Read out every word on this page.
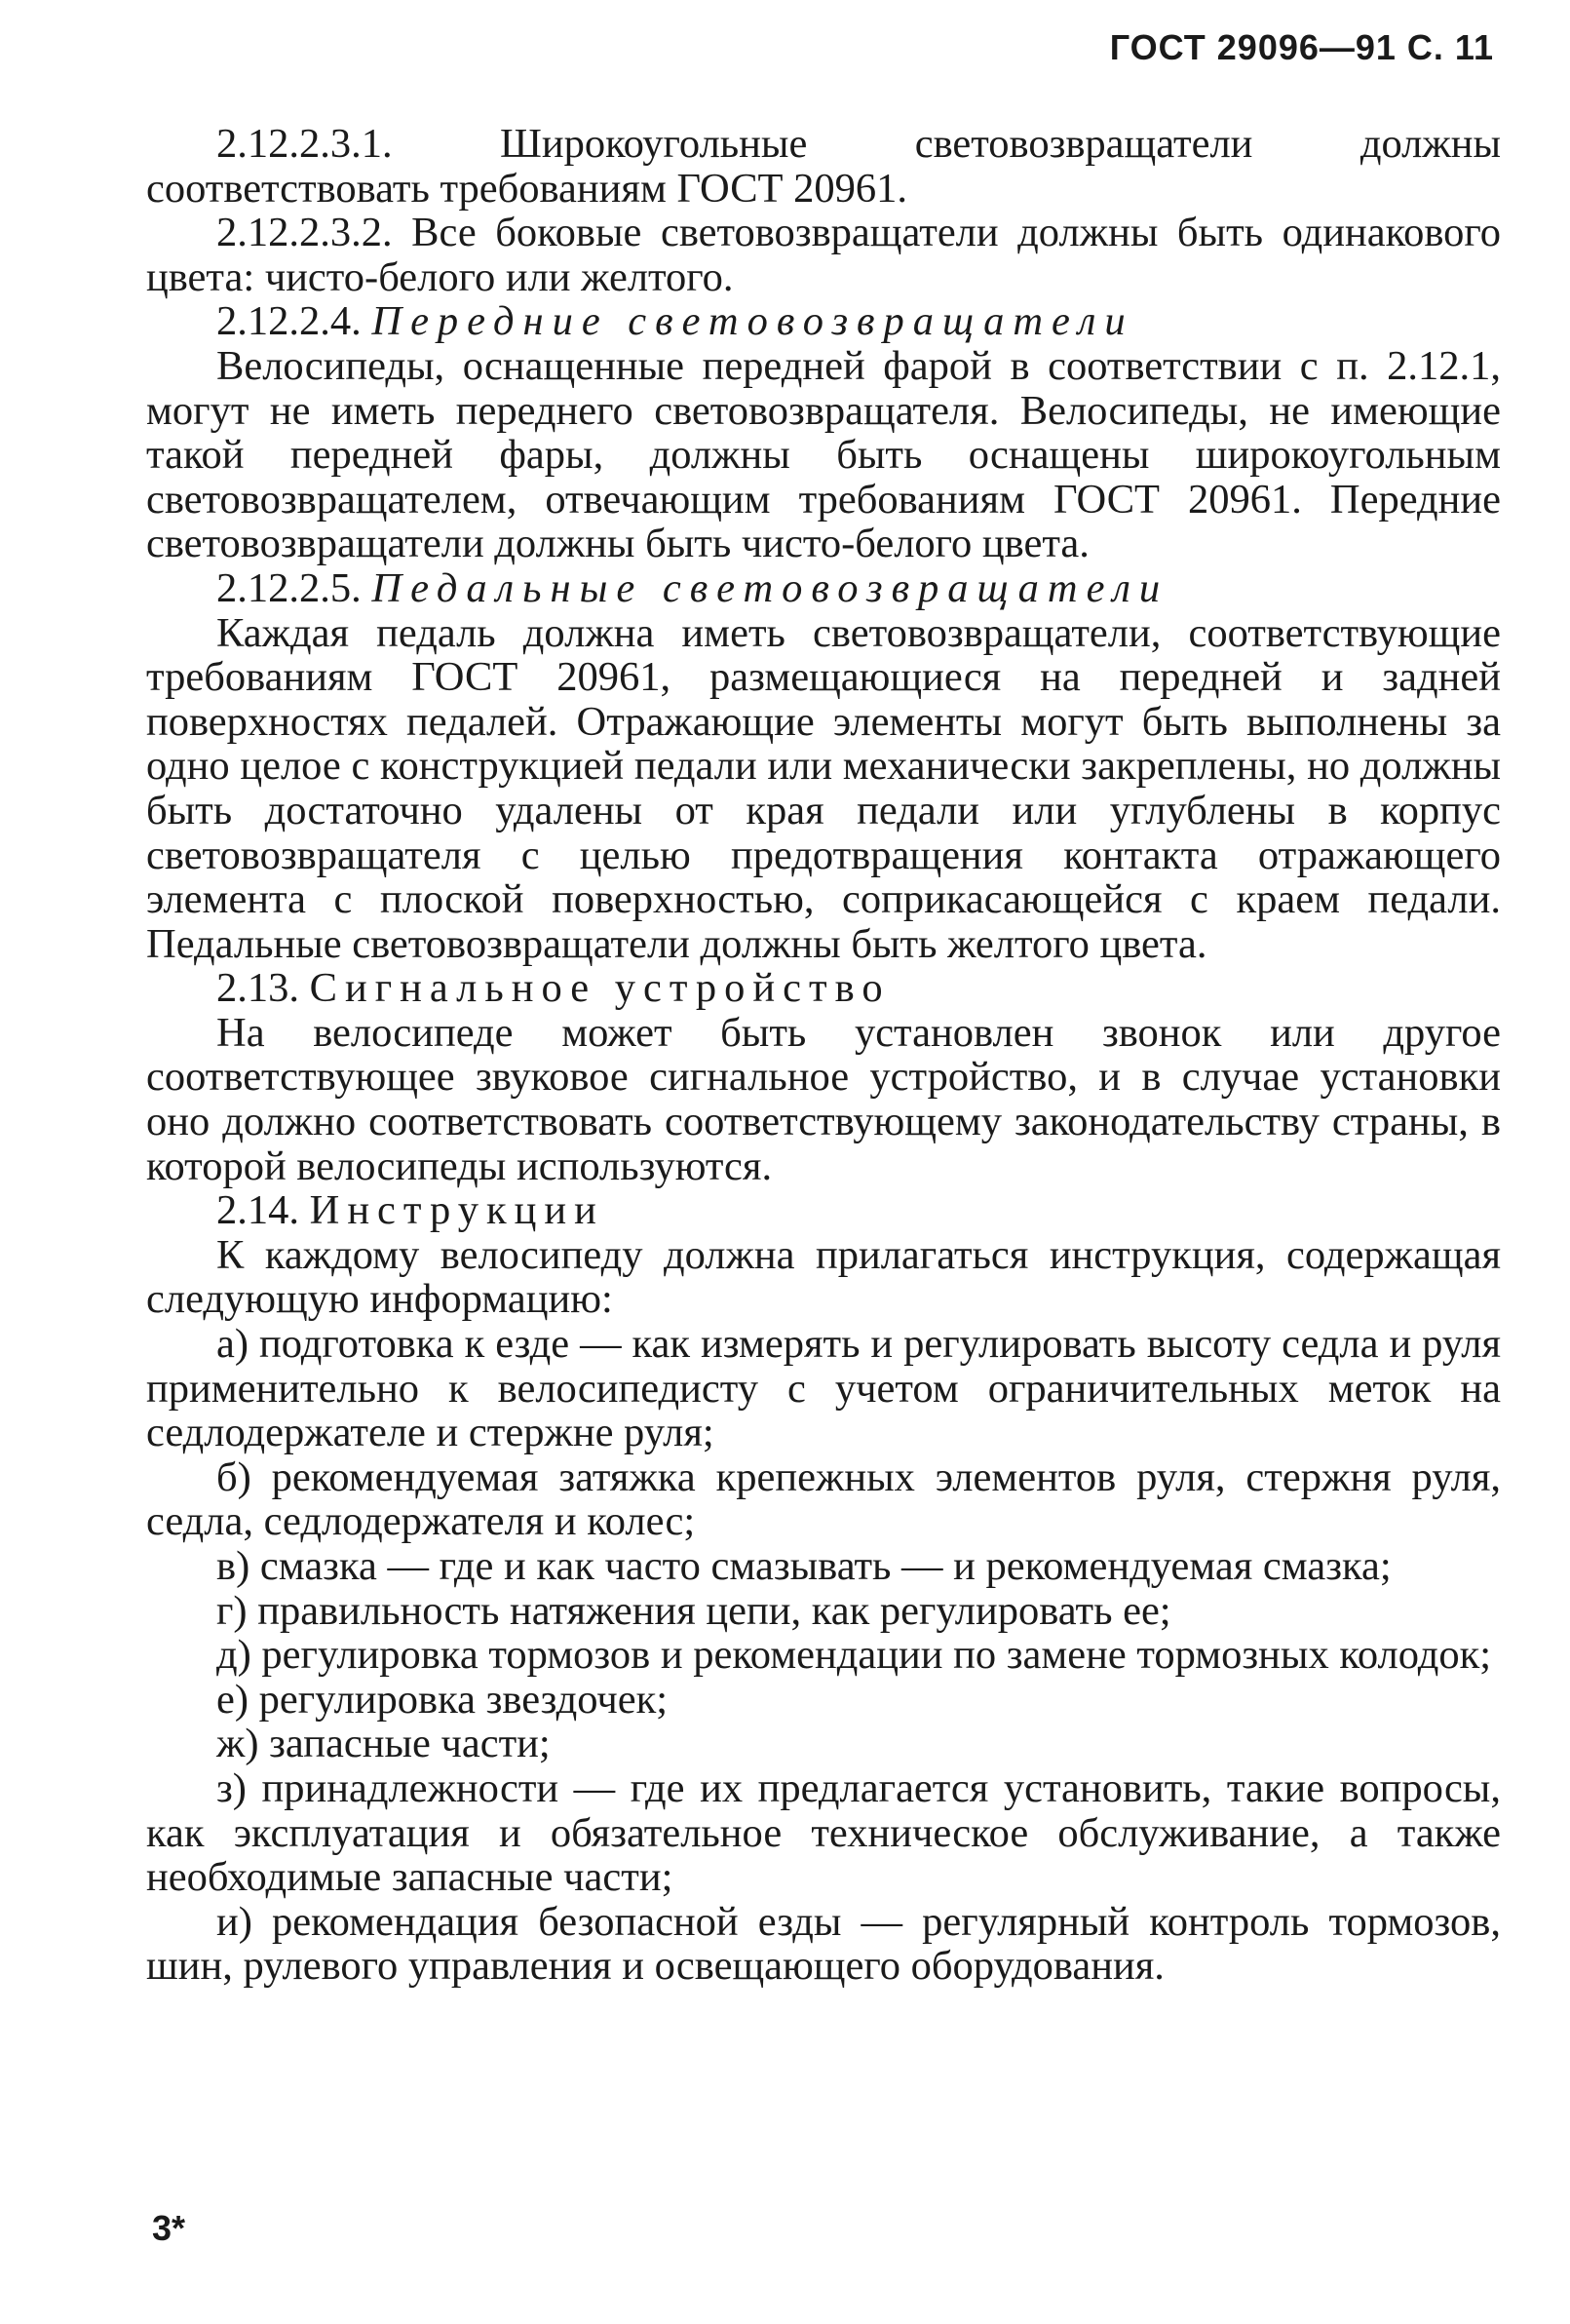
ГОСТ 29096—91 С. 11

2.12.2.3.1. Широкоугольные световозвращатели должны соответствовать требованиям ГОСТ 20961.

2.12.2.3.2. Все боковые световозвращатели должны быть одинакового цвета: чисто-белого или желтого.

2.12.2.4. Передние световозвращатели

Велосипеды, оснащенные передней фарой в соответствии с п. 2.12.1, могут не иметь переднего световозвращателя. Велосипеды, не имеющие такой передней фары, должны быть оснащены широкоугольным световозвращателем, отвечающим требованиям ГОСТ 20961. Передние световозвращатели должны быть чисто-белого цвета.

2.12.2.5. Педальные световозвращатели

Каждая педаль должна иметь световозвращатели, соответствующие требованиям ГОСТ 20961, размещающиеся на передней и задней поверхностях педалей. Отражающие элементы могут быть выполнены за одно целое с конструкцией педали или механически закреплены, но должны быть достаточно удалены от края педали или углублены в корпус световозвращателя с целью предотвращения контакта отражающего элемента с плоской поверхностью, соприкасающейся с краем педали. Педальные световозвращатели должны быть желтого цвета.

2.13. Сигнальное устройство

На велосипеде может быть установлен звонок или другое соответствующее звуковое сигнальное устройство, и в случае установки оно должно соответствовать соответствующему законодательству страны, в которой велосипеды используются.

2.14. Инструкции

К каждому велосипеду должна прилагаться инструкция, содержащая следующую информацию:

а) подготовка к езде — как измерять и регулировать высоту седла и руля применительно к велосипедисту с учетом ограничительных меток на седлодержателе и стержне руля;

б) рекомендуемая затяжка крепежных элементов руля, стержня руля, седла, седлодержателя и колес;

в) смазка — где и как часто смазывать — и рекомендуемая смазка;

г) правильность натяжения цепи, как регулировать ее;

д) регулировка тормозов и рекомендации по замене тормозных колодок;

е) регулировка звездочек;

ж) запасные части;

з) принадлежности — где их предлагается установить, такие вопросы, как эксплуатация и обязательное техническое обслуживание, а также необходимые запасные части;

и) рекомендация безопасной езды — регулярный контроль тормозов, шин, рулевого управления и освещающего оборудования.

3*
